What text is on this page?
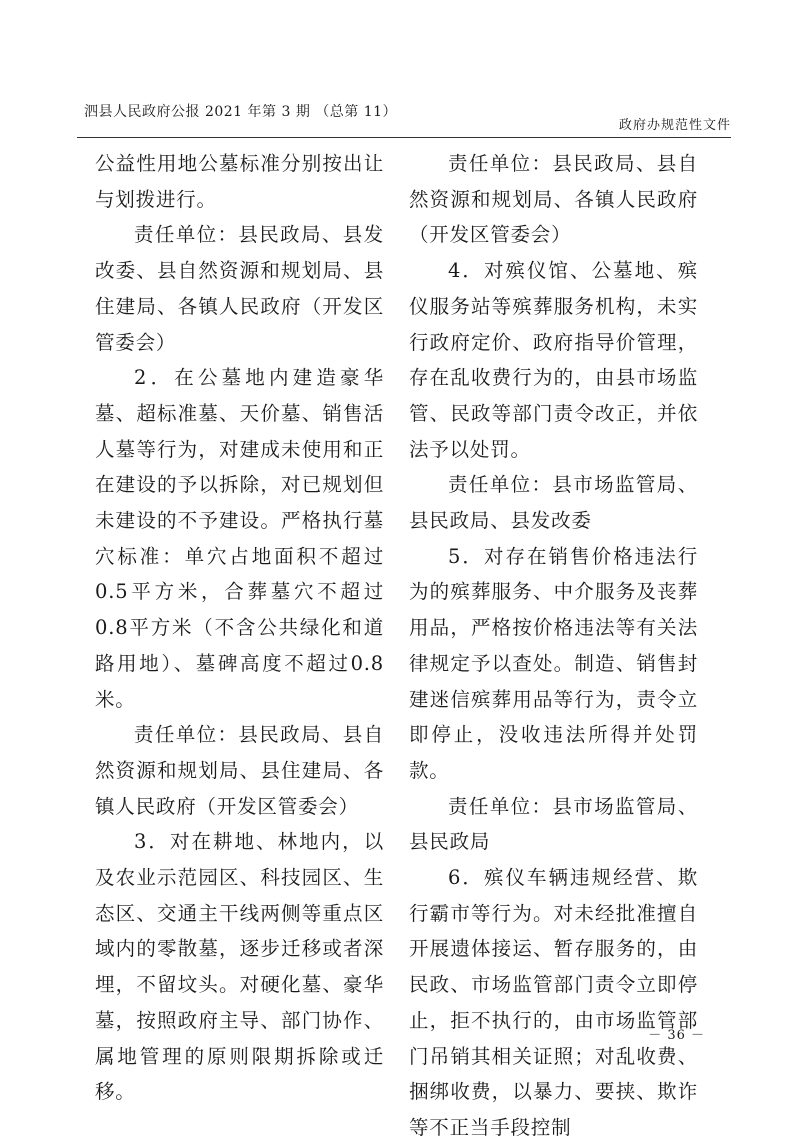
泗县人民政府公报 2021 年第 3 期 （总第 11）
政府办规范性文件

公益性用地公墓标准分别按出让与划拨进行。

责任单位：县民政局、县发改委、县自然资源和规划局、县住建局、各镇人民政府（开发区管委会）

2．在公墓地内建造豪华墓、超标准墓、天价墓、销售活人墓等行为，对建成未使用和正在建设的予以拆除，对已规划但未建设的不予建设。严格执行墓穴标准：单穴占地面积不超过0.5平方米，合葬墓穴不超过0.8平方米（不含公共绿化和道路用地）、墓碑高度不超过0.8米。

责任单位：县民政局、县自然资源和规划局、县住建局、各镇人民政府（开发区管委会）

3．对在耕地、林地内，以及农业示范园区、科技园区、生态区、交通主干线两侧等重点区域内的零散墓，逐步迁移或者深埋，不留坟头。对硬化墓、豪华墓，按照政府主导、部门协作、属地管理的原则限期拆除或迁移。

责任单位：县民政局、县自然资源和规划局、各镇人民政府（开发区管委会）

4．对殡仪馆、公墓地、殡仪服务站等殡葬服务机构，未实行政府定价、政府指导价管理，存在乱收费行为的，由县市场监管、民政等部门责令改正，并依法予以处罚。

责任单位：县市场监管局、县民政局、县发改委

5．对存在销售价格违法行为的殡葬服务、中介服务及丧葬用品，严格按价格违法等有关法律规定予以查处。制造、销售封建迷信殡葬用品等行为，责令立即停止，没收违法所得并处罚款。

责任单位：县市场监管局、县民政局

6．殡仪车辆违规经营、欺行霸市等行为。对未经批准擅自开展遗体接运、暂存服务的，由民政、市场监管部门责令立即停止，拒不执行的，由市场监管部门吊销其相关证照；对乱收费、捆绑收费，以暴力、要挟、欺诈等不正当手段控制

－ 36 －
